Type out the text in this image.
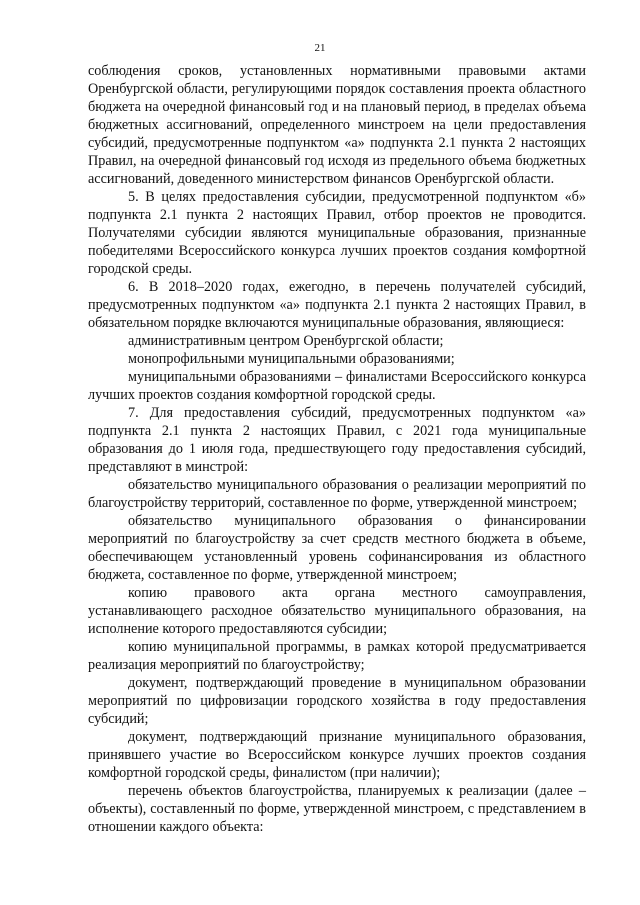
21

соблюдения сроков, установленных нормативными правовыми актами Оренбургской области, регулирующими порядок составления проекта областного бюджета на очередной финансовый год и на плановый период, в пределах объема бюджетных ассигнований, определенного минстроем на цели предоставления субсидий, предусмотренные подпунктом «а» подпункта 2.1 пункта 2 настоящих Правил, на очередной финансовый год исходя из предельного объема бюджетных ассигнований, доведенного министерством финансов Оренбургской области.

5. В целях предоставления субсидии, предусмотренной подпунктом «б» подпункта 2.1 пункта 2 настоящих Правил, отбор проектов не проводится. Получателями субсидии являются муниципальные образования, признанные победителями Всероссийского конкурса лучших проектов создания комфортной городской среды.

6. В 2018–2020 годах, ежегодно, в перечень получателей субсидий, предусмотренных подпунктом «а» подпункта 2.1 пункта 2 настоящих Правил, в обязательном порядке включаются муниципальные образования, являющиеся:

административным центром Оренбургской области;

монопрофильными муниципальными образованиями;

муниципальными образованиями – финалистами Всероссийского конкурса лучших проектов создания комфортной городской среды.

7. Для предоставления субсидий, предусмотренных подпунктом «а» подпункта 2.1 пункта 2 настоящих Правил, с 2021 года муниципальные образования до 1 июля года, предшествующего году предоставления субсидий, представляют в минстрой:

обязательство муниципального образования о реализации мероприятий по благоустройству территорий, составленное по форме, утвержденной минстроем;

обязательство муниципального образования о финансировании мероприятий по благоустройству за счет средств местного бюджета в объеме, обеспечивающем установленный уровень софинансирования из областного бюджета, составленное по форме, утвержденной минстроем;

копию правового акта органа местного самоуправления, устанавливающего расходное обязательство муниципального образования, на исполнение которого предоставляются субсидии;

копию муниципальной программы, в рамках которой предусматривается реализация мероприятий по благоустройству;

документ, подтверждающий проведение в муниципальном образовании мероприятий по цифровизации городского хозяйства в году предоставления субсидий;

документ, подтверждающий признание муниципального образования, принявшего участие во Всероссийском конкурсе лучших проектов создания комфортной городской среды, финалистом (при наличии);

перечень объектов благоустройства, планируемых к реализации (далее – объекты), составленный по форме, утвержденной минстроем, с представлением в отношении каждого объекта:
